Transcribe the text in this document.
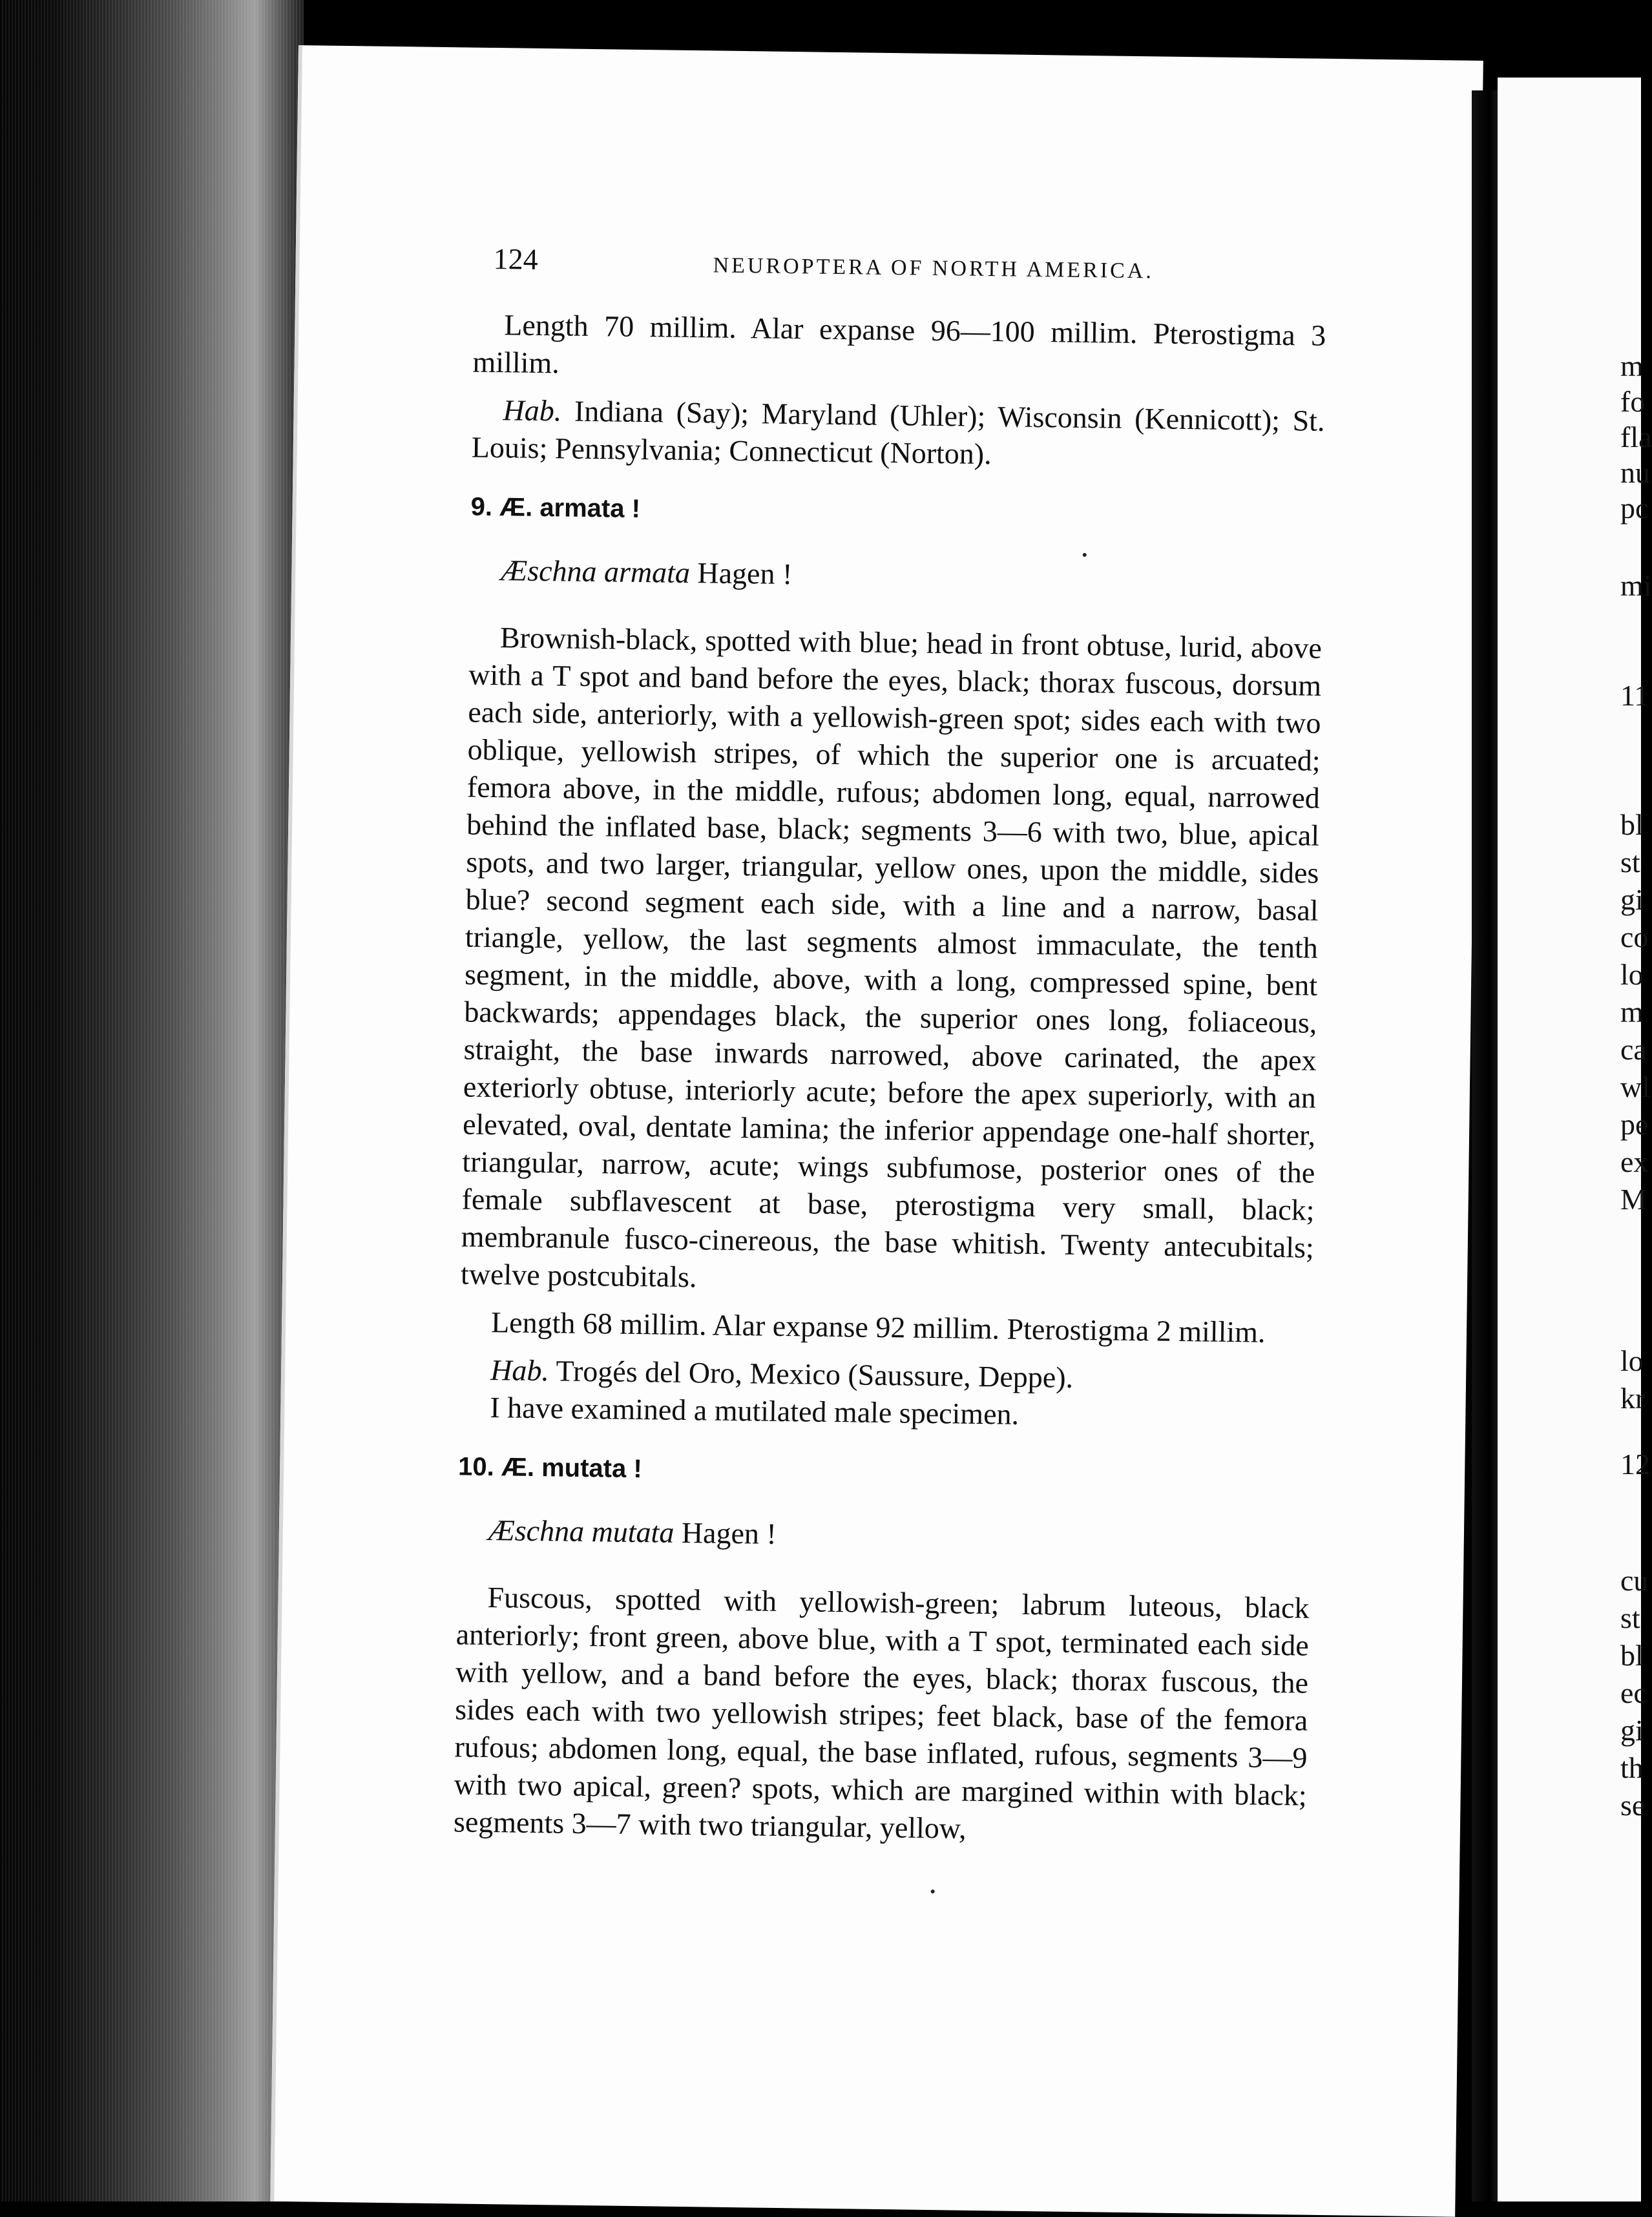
124	NEUROPTERA OF NORTH AMERICA.

Length 70 millim. Alar expanse 96—100 millim. Pterostigma 3 millim.

Hab. Indiana (Say); Maryland (Uhler); Wisconsin (Kennicott); St. Louis; Pennsylvania; Connecticut (Norton).

9. Æ. armata !

Æschna armata Hagen !

Brownish-black, spotted with blue; head in front obtuse, lurid, above with a T spot and band before the eyes, black; thorax fuscous, dorsum each side, anteriorly, with a yellowish-green spot; sides each with two oblique, yellowish stripes, of which the superior one is arcuated; femora above, in the middle, rufous; abdomen long, equal, narrowed behind the inflated base, black; segments 3—6 with two, blue, apical spots, and two larger, triangular, yellow ones, upon the middle, sides blue? second segment each side, with a line and a narrow, basal triangle, yellow, the last segments almost immaculate, the tenth segment, in the middle, above, with a long, compressed spine, bent backwards; appendages black, the superior ones long, foliaceous, straight, the base inwards narrowed, above carinated, the apex exteriorly obtuse, interiorly acute; before the apex superiorly, with an elevated, oval, dentate lamina; the inferior appendage one-half shorter, triangular, narrow, acute; wings subfumose, posterior ones of the female subflavescent at base, pterostigma very small, black; membranule fusco-cinereous, the base whitish. Twenty antecubitals; twelve postcubitals.

Length 68 millim. Alar expanse 92 millim. Pterostigma 2 millim.

Hab. Trogés del Oro, Mexico (Saussure, Deppe).

I have examined a mutilated male specimen.

10. Æ. mutata !

Æschna mutata Hagen !

Fuscous, spotted with yellowish-green; labrum luteous, black anteriorly; front green, above blue, with a T spot, terminated each side with yellow, and a band before the eyes, black; thorax fuscous, the sides each with two yellowish stripes; feet black, base of the femora rufous; abdomen long, equal, the base inflated, rufous, segments 3—9 with two apical, green? spots, which are margined within with black; segments 3—7 with two triangular, yellow,

m
fo
fla
nu
pc
mi
11
bl
st
gi
co
lo
m
ca
wl
pe
ex
M
lo
kr
12
cu
st
bl
ec
gi
th
se
